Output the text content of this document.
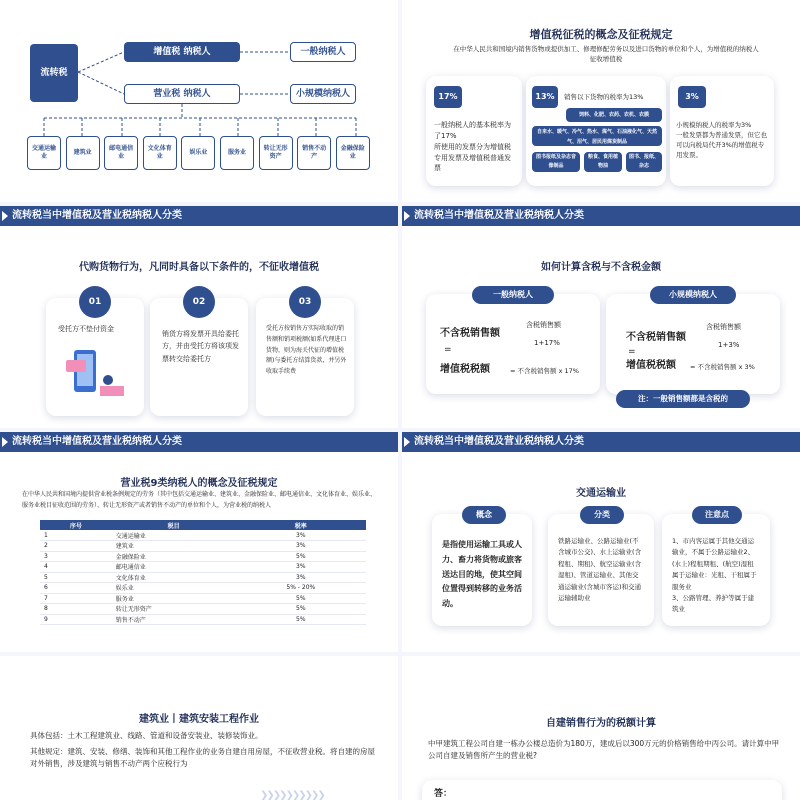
流转税
增值税 纳税人
营业税 纳税人
一般纳税人
小规模纳税人
交通运输业
建筑业
邮电通信业
文化体育业
娱乐业	服务业
转让无形资产
销售不动产
金融保险业
增值税征税的概念及征税规定
在中华人民共和国境内销售货物或提供加工、修理修配劳务以及进口货物的单位和个人，为增值税的纳税人征收增值税
17%
一般纳税人的基本税率为了17%
所使用的发票分为增值税专用发票及增值税普通发票
13%	销售以下货物的税率为13%
饲料、化肥、农药、农机、农膜
自来水、暖气、冷气、热水、煤气、石油液化气、天然气、沼气、居民用煤炭制品
图书报纸及杂志音像制品
粮食、食用植物油
图书、报纸、杂志
3%
小规模纳税人的税率为3%
一般发票都为普通发票，但它也可以向税局代开3%的增值税专用发票。
流转税当中增值税及营业税纳税人分类
代购货物行为，凡同时具备以下条件的，不征收增值税
01
受托方不垫付资金
02
销货方将发票开具给委托方，并由受托方将该项发票转交给委托方
03
受托方按销售方实际收取的销售额和销项税额(如系代理进口货物，则为海关代征的增值税额)与委托方结算货款，并另外收取手续费
流转税当中增值税及营业税纳税人分类
如何计算含税与不含税金额
不含税销售额
=
含税销售额
1+17%
增值税税额	= 不含税销售额 x 17%
一般纳税人
不含税销售额
=
含税销售额
1+3%
增值税税额 = 不含税销售额 x 3%
小规模纳税人
注：一般销售额都是含税的
流转税当中增值税及营业税纳税人分类
营业税9类纳税人的概念及征税规定
在中华人民共和国境内提供营业税条例规定的劳务（其中包括交通运输业、建筑业、金融保险业、邮电通信业、文化体育业、娱乐业、服务业税目征收范围的劳务）、转让无形资产或者销售不动产的单位和个人，为营业税的纳税人
序号	税目	税率
1	交通运输业	3%
2	建筑业	3%
3	金融保险业	5%
4	邮电通信业	3%
5	文化体育业	3%
6	娱乐业	5% - 20%
7	服务业	5%
8	转让无形资产	5%
9	销售不动产	5%
流转税当中增值税及营业税纳税人分类
交通运输业
是指使用运输工具或人力、畜力将货物或旅客送达目的地，使其空间位置得到转移的业务活动。
铁路运输业、公路运输业(不含城市公交)、水上运输业(含程租、期租)、航空运输业(含湿租)、管道运输业、其他交通运输业(含城市客运)和交通运输辅助业
1、市内客运属于其他交通运输业，不属于公路运输业2、(水上)程租期租、(航空)湿租属于运输业：光租、干租属于服务业
3、公路管理、养护等属于建筑业
概念	分类	注意点
建筑业丨建筑安装工程作业
具体包括：土木工程建筑业、线路、管道和设备安装业、装修装饰业。
其他规定：建筑、安装、修缮、装饰和其他工程作业的业务自建自用房屋，不征收营业税。将自建的房屋对外销售，涉及建筑与销售不动产两个应税行为
❯❯❯❯❯❯❯❯❯❯
自建销售行为的税额计算
中甲建筑工程公司自建一栋办公楼总造价为180万，建成后以300万元的价格销售给中丙公司。请计算中甲公司自建及销售所产生的营业税?
答：
